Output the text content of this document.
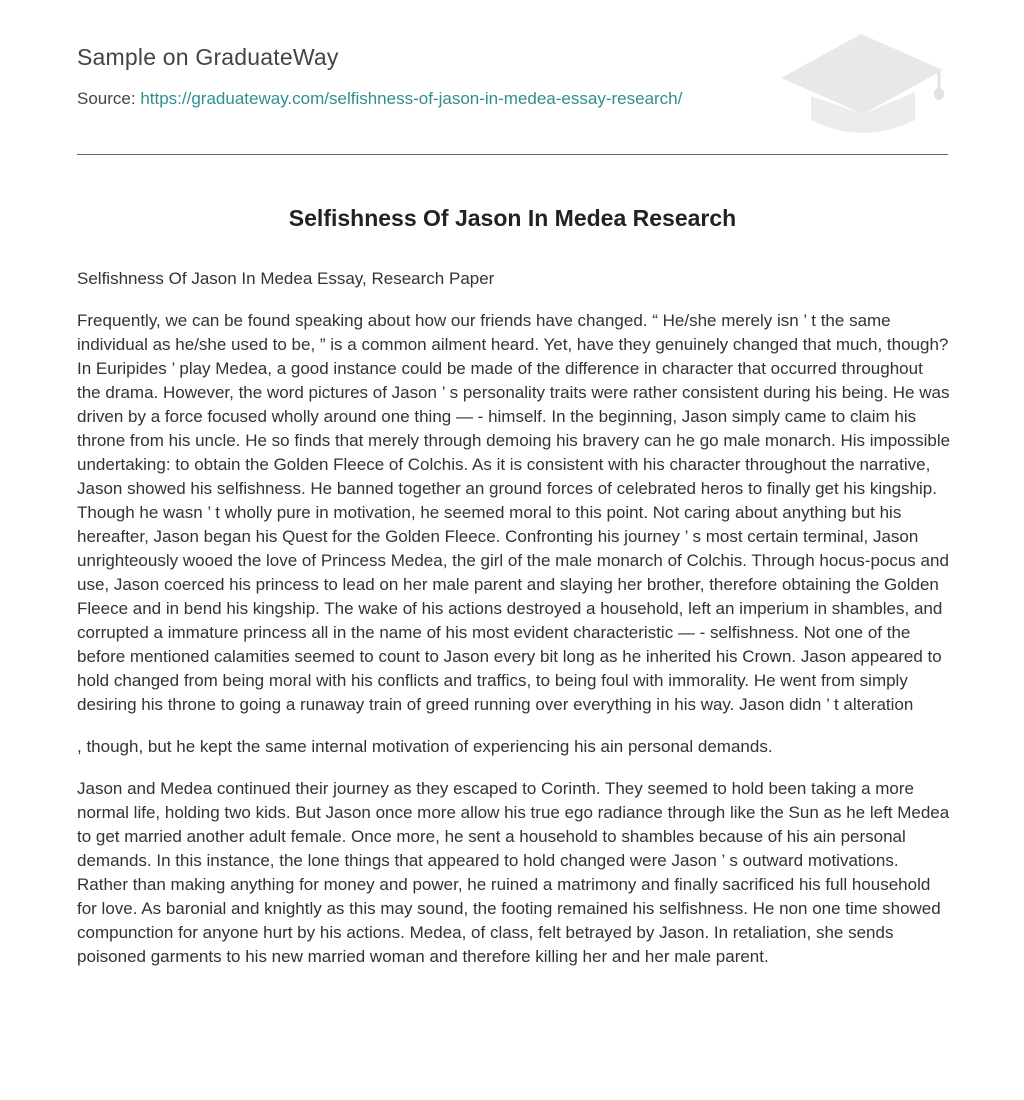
Sample on GraduateWay
Source: https://graduateway.com/selfishness-of-jason-in-medea-essay-research/
Selfishness Of Jason In Medea Research

Selfishness Of Jason In Medea Essay, Research Paper

Frequently, we can be found speaking about how our friends have changed. “ He/she merely isn ’ t the same individual as he/she used to be, ” is a common ailment heard. Yet, have they genuinely changed that much, though? In Euripides ’ play Medea, a good instance could be made of the difference in character that occurred throughout the drama. However, the word pictures of Jason ’ s personality traits were rather consistent during his being. He was driven by a force focused wholly around one thing — - himself. In the beginning, Jason simply came to claim his throne from his uncle. He so finds that merely through demoing his bravery can he go male monarch. His impossible undertaking: to obtain the Golden Fleece of Colchis. As it is consistent with his character throughout the narrative, Jason showed his selfishness. He banned together an ground forces of celebrated heros to finally get his kingship. Though he wasn ’ t wholly pure in motivation, he seemed moral to this point. Not caring about anything but his hereafter, Jason began his Quest for the Golden Fleece. Confronting his journey ’ s most certain terminal, Jason unrighteously wooed the love of Princess Medea, the girl of the male monarch of Colchis. Through hocus-pocus and use, Jason coerced his princess to lead on her male parent and slaying her brother, therefore obtaining the Golden Fleece and in bend his kingship. The wake of his actions destroyed a household, left an imperium in shambles, and corrupted a immature princess all in the name of his most evident characteristic — - selfishness. Not one of the before mentioned calamities seemed to count to Jason every bit long as he inherited his Crown. Jason appeared to hold changed from being moral with his conflicts and traffics, to being foul with immorality. He went from simply desiring his throne to going a runaway train of greed running over everything in his way. Jason didn ’ t alteration

, though, but he kept the same internal motivation of experiencing his ain personal demands.

Jason and Medea continued their journey as they escaped to Corinth. They seemed to hold been taking a more normal life, holding two kids. But Jason once more allow his true ego radiance through like the Sun as he left Medea to get married another adult female. Once more, he sent a household to shambles because of his ain personal demands. In this instance, the lone things that appeared to hold changed were Jason ’ s outward motivations. Rather than making anything for money and power, he ruined a matrimony and finally sacrificed his full household for love. As baronial and knightly as this may sound, the footing remained his selfishness. He non one time showed compunction for anyone hurt by his actions. Medea, of class, felt betrayed by Jason. In retaliation, she sends poisoned garments to his new married woman and therefore killing her and her male parent.
